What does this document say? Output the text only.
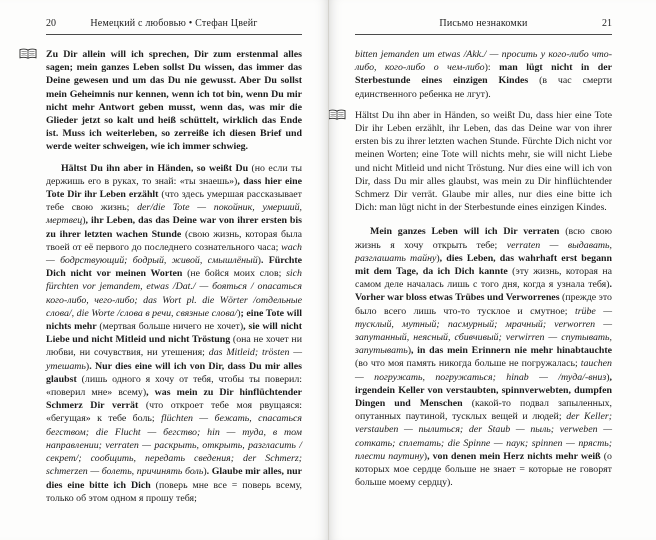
20	Немецкий с любовью • Стефан Цвейг
Zu Dir allein will ich sprechen, Dir zum erstenmal alles sagen; mein ganzes Leben sollst Du wissen, das immer das Deine gewesen und um das Du nie gewusst. Aber Du sollst mein Geheimnis nur kennen, wenn ich tot bin, wenn Du mir nicht mehr Antwort geben musst, wenn das, was mir die Glieder jetzt so kalt und heiß schüttelt, wirklich das Ende ist. Muss ich weiterleben, so zerreiße ich diesen Brief und werde weiter schweigen, wie ich immer schwieg.
Hältst Du ihn aber in Händen, so weißt Du (но если ты держишь его в руках, то знай: «ты знаешь»), dass hier eine Tote Dir ihr Leben erzählt (что здесь умершая рассказывает тебе свою жизнь; der/die Tote — покойник, умерший, мертвец), ihr Leben, das das Deine war von ihrer ersten bis zu ihrer letzten wachen Stunde (свою жизнь, которая была твоей от её первого до последнего сознательного часа; wach — бодрствующий; бодрый, живой, смышлёный). Fürchte Dich nicht vor meinen Worten (не бойся моих слов; sich fürchten vor jemandem, etwas /Dat./ — бояться / опасаться кого-либо, чего-либо; das Wort pl. die Wörter /отдельные слова/, die Worte /слова в речи, связные слова/); eine Tote will nichts mehr (мертвая больше ничего не хочет), sie will nicht Liebe und nicht Mitleid und nicht Tröstung (она не хочет ни любви, ни сочувствия, ни утешения; das Mitleid; trösten — утешать). Nur dies eine will ich von Dir, dass Du mir alles glaubst (лишь одного я хочу от тебя, чтобы ты поверил: «поверил мне» всему), was mein zu Dir hinflüchtender Schmerz Dir verrät (что откроет тебе моя рвущаяся: «бегущая» к тебе боль; flüchten — бежать, спасаться бегством; die Flucht — бегство; hin — туда, в том направлении; verraten — раскрыть, открыть, разгласить /секрет/; сообщить, передать сведения; der Schmerz; schmerzen — болеть, причинять боль). Glaube mir alles, nur dies eine bitte ich Dich (поверь мне все = поверь всему, только об этом одном я прошу тебя;
21
Письмо незнакомки
bitten jemanden um etwas /Akk./ — просить у кого-либо что-либо, кого-либо о чем-либо): man lügt nicht in der Sterbestunde eines einzigen Kindes (в час смерти единственного ребенка не лгут).
Hältst Du ihn aber in Händen, so weißt Du, dass hier eine Tote Dir ihr Leben erzählt, ihr Leben, das das Deine war von ihrer ersten bis zu ihrer letzten wachen Stunde. Fürchte Dich nicht vor meinen Worten; eine Tote will nichts mehr, sie will nicht Liebe und nicht Mitleid und nicht Tröstung. Nur dies eine will ich von Dir, dass Du mir alles glaubst, was mein zu Dir hinflüchtender Schmerz Dir verrät. Glaube mir alles, nur dies eine bitte ich Dich: man lügt nicht in der Sterbestunde eines einzigen Kindes.
Mein ganzes Leben will ich Dir verraten (всю свою жизнь я хочу открыть тебе; verraten — выдавать, разглашать тайну), dies Leben, das wahrhaft erst begann mit dem Tage, da ich Dich kannte (эту жизнь, которая на самом деле началась лишь с того дня, когда я узнала тебя). Vorher war bloss etwas Trübes und Verworrenes (прежде это было всего лишь что-то тусклое и смутное; trübe — тусклый, мутный; пасмурный; мрачный; verworren — запутанный, неясный, сбивчивый; verwirren — спутывать, запутывать), in das mein Erinnern nie mehr hinabtauchte (во что моя память никогда больше не погружалась; tauchen — погружать, погружаться; hinab — /туда/-вниз), irgendein Keller von verstaubten, spinnverwebten, dumpfen Dingen und Menschen (какой-то подвал запыленных, опутанных паутиной, тусклых вещей и людей; der Keller; verstauben — пылиться; der Staub — пыль; verweben — соткать; сплетать; die Spinne — паук; spinnen — прясть; плести паутину), von denen mein Herz nichts mehr weiß (о которых мое сердце больше не знает = которые не говорят больше моему сердцу).
